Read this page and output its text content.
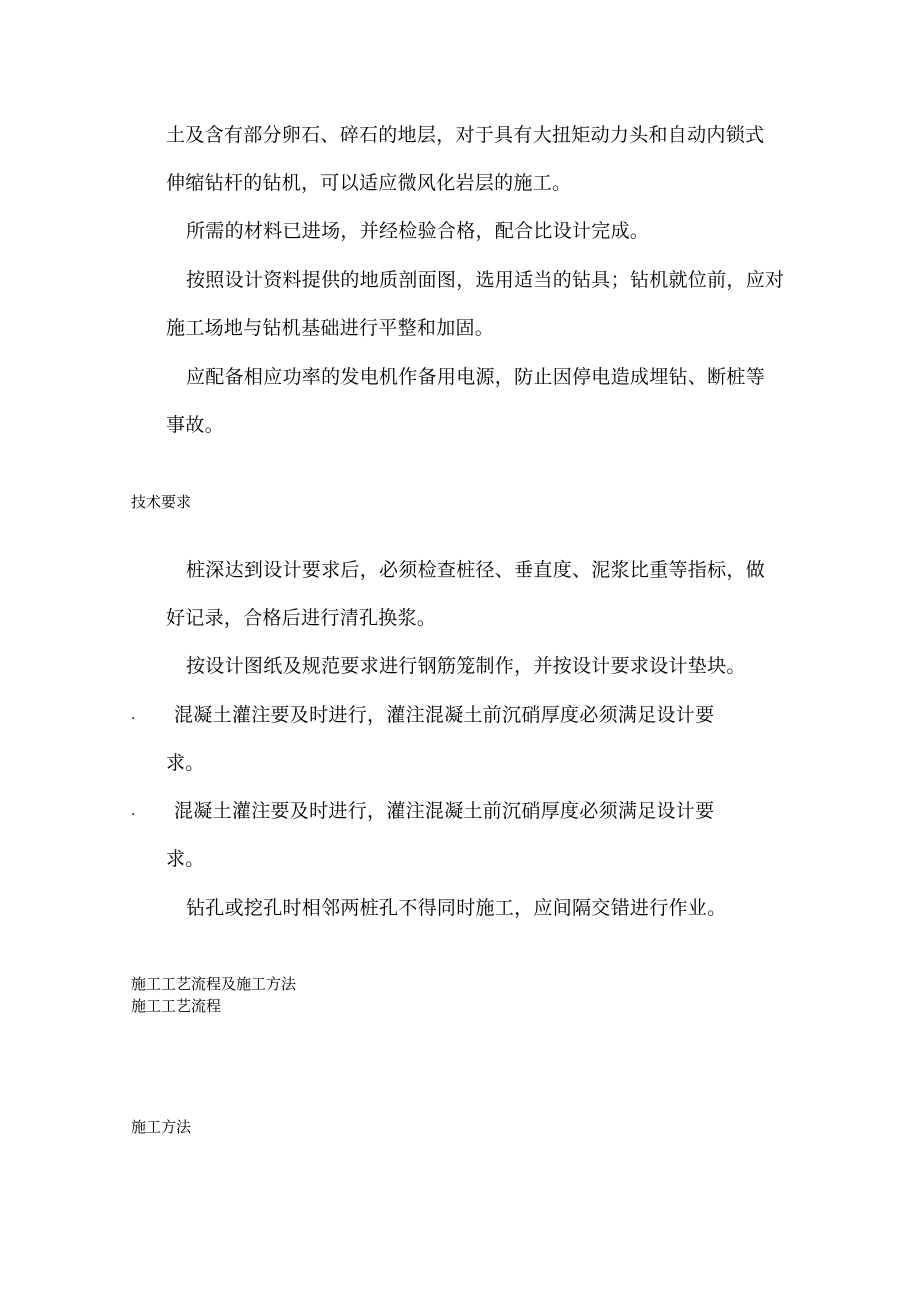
土及含有部分卵石、碎石的地层，对于具有大扭矩动力头和自动内锁式
伸缩钻杆的钻机，可以适应微风化岩层的施工。
所需的材料已进场，并经检验合格，配合比设计完成。
按照设计资料提供的地质剖面图，选用适当的钻具；钻机就位前，应对
施工场地与钻机基础进行平整和加固。
应配备相应功率的发电机作备用电源，防止因停电造成埋钻、断桩等
事故。
技术要求
桩深达到设计要求后，必须检查桩径、垂直度、泥浆比重等指标，做
好记录，合格后进行清孔换浆。
按设计图纸及规范要求进行钢筋笼制作，并按设计要求设计垫块。
. 混凝土灌注要及时进行，灌注混凝土前沉硝厚度必须满足设计要
求。
. 混凝土灌注要及时进行，灌注混凝土前沉硝厚度必须满足设计要
求。
钻孔或挖孔时相邻两桩孔不得同时施工，应间隔交错进行作业。
施工工艺流程及施工方法
施工工艺流程
施工方法
